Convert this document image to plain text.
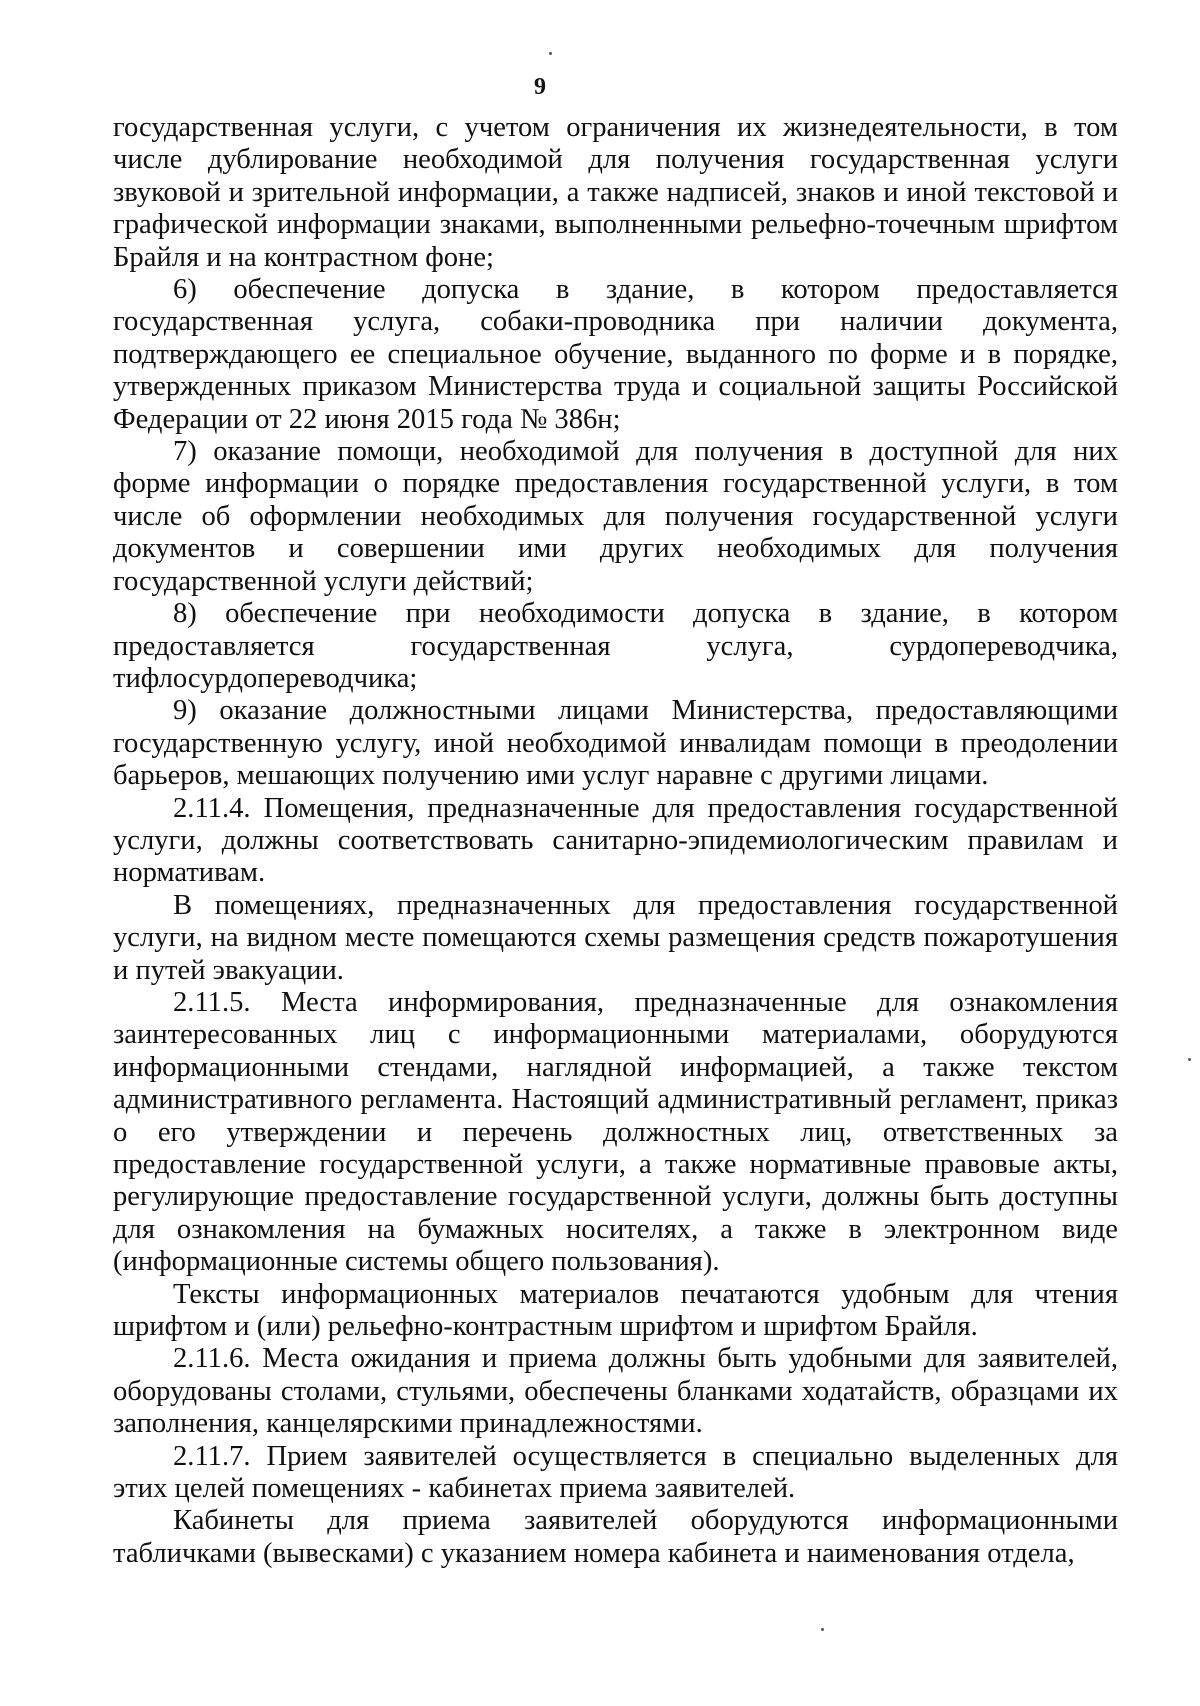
9

государственная услуги, с учетом ограничения их жизнедеятельности, в том числе дублирование необходимой для получения государственная услуги звуковой и зрительной информации, а также надписей, знаков и иной текстовой и графической информации знаками, выполненными рельефно-точечным шрифтом Брайля и на контрастном фоне;

6) обеспечение допуска в здание, в котором предоставляется государственная услуга, собаки-проводника при наличии документа, подтверждающего ее специальное обучение, выданного по форме и в порядке, утвержденных приказом Министерства труда и социальной защиты Российской Федерации от 22 июня 2015 года № 386н;

7) оказание помощи, необходимой для получения в доступной для них форме информации о порядке предоставления государственной услуги, в том числе об оформлении необходимых для получения государственной услуги документов и совершении ими других необходимых для получения государственной услуги действий;

8) обеспечение при необходимости допуска в здание, в котором предоставляется государственная услуга, сурдопереводчика, тифлосурдопереводчика;

9) оказание должностными лицами Министерства, предоставляющими государственную услугу, иной необходимой инвалидам помощи в преодолении барьеров, мешающих получению ими услуг наравне с другими лицами.

2.11.4. Помещения, предназначенные для предоставления государственной услуги, должны соответствовать санитарно-эпидемиологическим правилам и нормативам.

В помещениях, предназначенных для предоставления государственной услуги, на видном месте помещаются схемы размещения средств пожаротушения и путей эвакуации.

2.11.5. Места информирования, предназначенные для ознакомления заинтересованных лиц с информационными материалами, оборудуются информационными стендами, наглядной информацией, а также текстом административного регламента. Настоящий административный регламент, приказ о его утверждении и перечень должностных лиц, ответственных за предоставление государственной услуги, а также нормативные правовые акты, регулирующие предоставление государственной услуги, должны быть доступны для ознакомления на бумажных носителях, а также в электронном виде (информационные системы общего пользования).

Тексты информационных материалов печатаются удобным для чтения шрифтом и (или) рельефно-контрастным шрифтом и шрифтом Брайля.

2.11.6. Места ожидания и приема должны быть удобными для заявителей, оборудованы столами, стульями, обеспечены бланками ходатайств, образцами их заполнения, канцелярскими принадлежностями.

2.11.7. Прием заявителей осуществляется в специально выделенных для этих целей помещениях - кабинетах приема заявителей.

Кабинеты для приема заявителей оборудуются информационными табличками (вывесками) с указанием номера кабинета и наименования отдела,
